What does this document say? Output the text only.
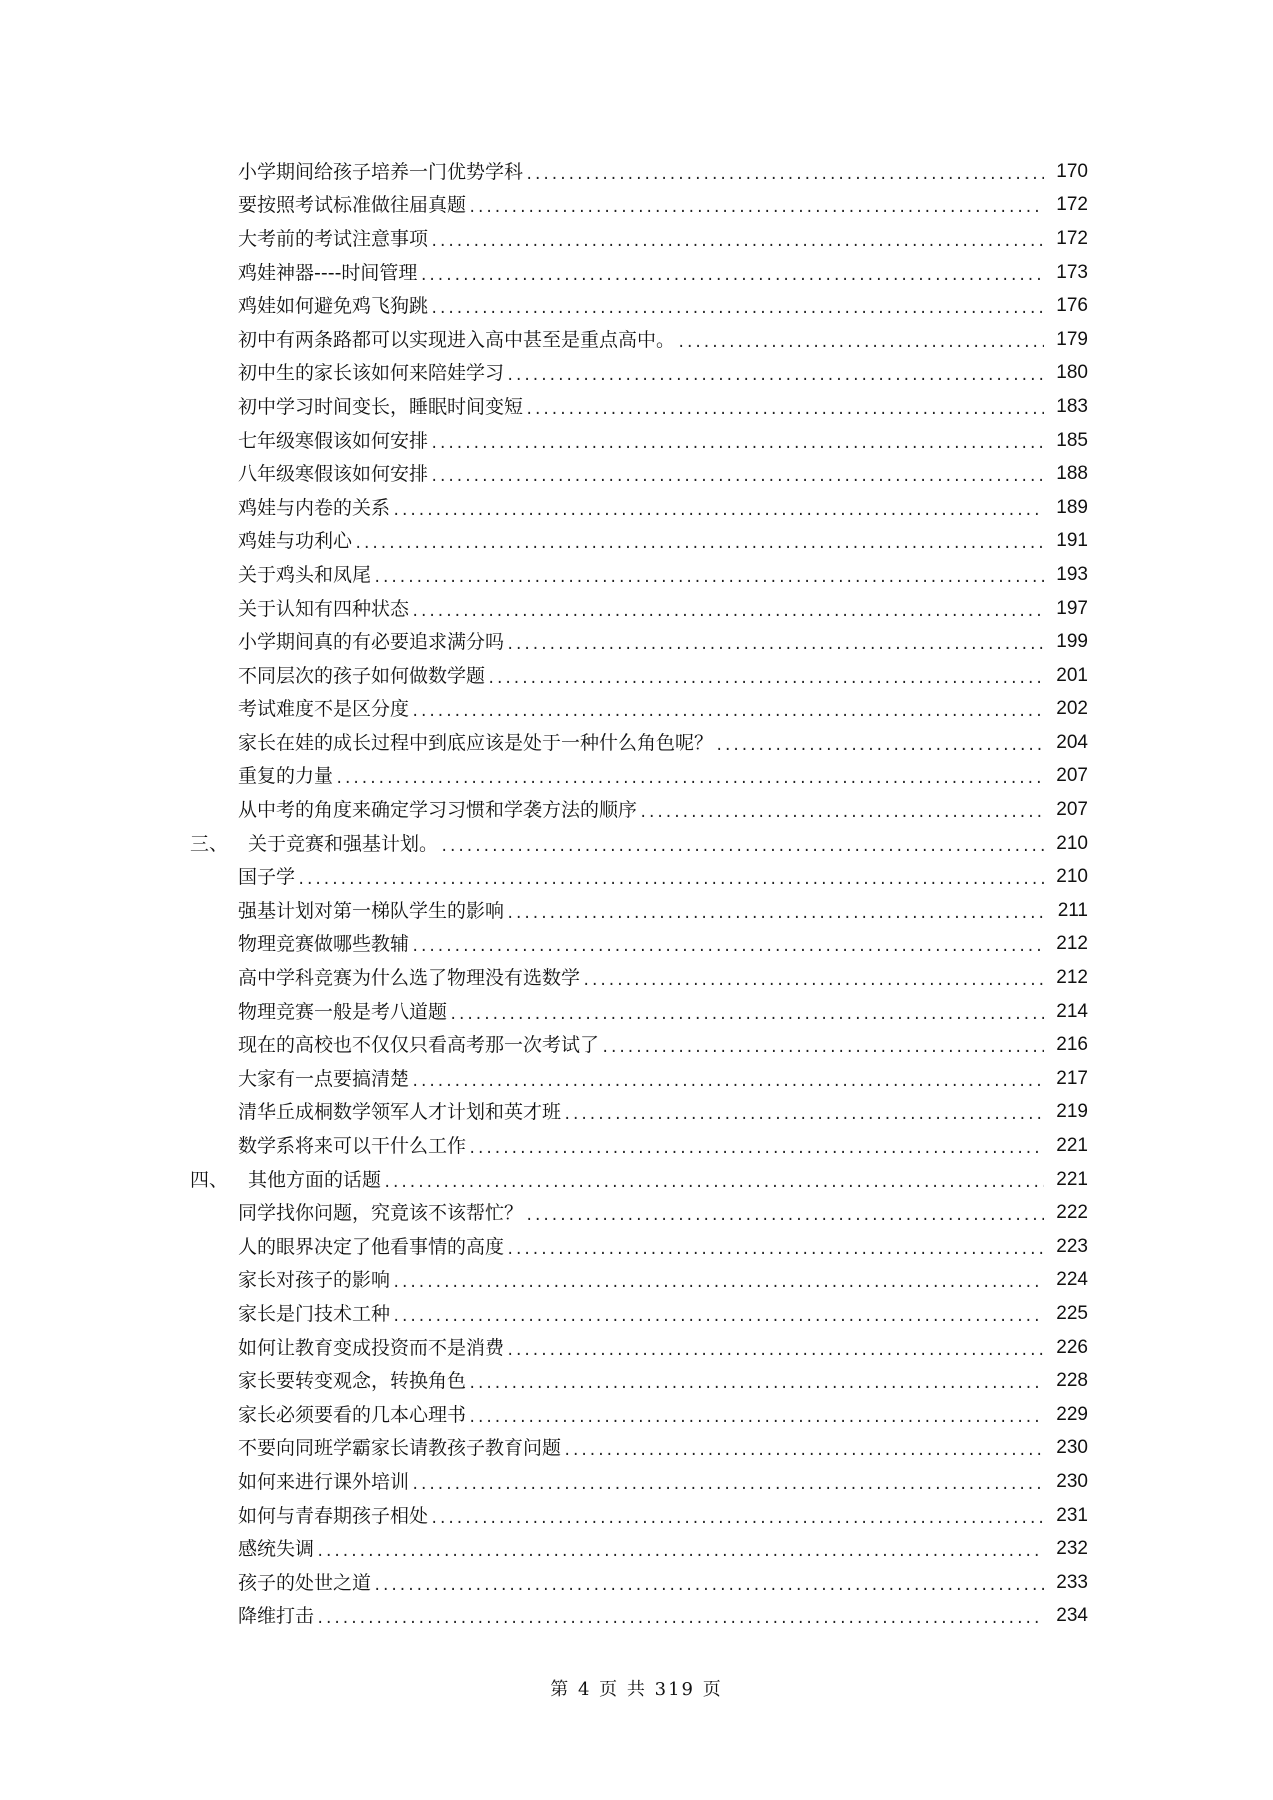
小学期间给孩子培养一门优势学科 .....	170
要按照考试标准做往届真题 .....	172
大考前的考试注意事项 .....	172
鸡娃神器----时间管理 .....	173
鸡娃如何避免鸡飞狗跳 .....	176
初中有两条路都可以实现进入高中甚至是重点高中。 .....	179
初中生的家长该如何来陪娃学习 .....	180
初中学习时间变长，睡眠时间变短 .....	183
七年级寒假该如何安排 .....	185
八年级寒假该如何安排 .....	188
鸡娃与内卷的关系 .....	189
鸡娃与功利心 .....	191
关于鸡头和凤尾 .....	193
关于认知有四种状态 .....	197
小学期间真的有必要追求满分吗 .....	199
不同层次的孩子如何做数学题 .....	201
考试难度不是区分度 .....	202
家长在娃的成长过程中到底应该是处于一种什么角色呢？ .....	204
重复的力量 .....	207
从中考的角度来确定学习习惯和学袭方法的顺序 .....	207
三、 关于竞赛和强基计划。 .....	210
国子学 .....	210
强基计划对第一梯队学生的影响 .....	211
物理竞赛做哪些教辅 .....	212
高中学科竞赛为什么选了物理没有选数学 .....	212
物理竞赛一般是考八道题 .....	214
现在的高校也不仅仅只看高考那一次考试了 .....	216
大家有一点要搞清楚 .....	217
清华丘成桐数学领军人才计划和英才班 .....	219
数学系将来可以干什么工作 .....	221
四、 其他方面的话题 .....	221
同学找你问题，究竟该不该帮忙？ .....	222
人的眼界决定了他看事情的高度 .....	223
家长对孩子的影响 .....	224
家长是门技术工种 .....	225
如何让教育变成投资而不是消费 .....	226
家长要转变观念，转换角色 .....	228
家长必须要看的几本心理书 .....	229
不要向同班学霸家长请教孩子教育问题 .....	230
如何来进行课外培训 .....	230
如何与青春期孩子相处 .....	231
感统失调 .....	232
孩子的处世之道 .....	233
降维打击 .....	234
第 4 页 共 319 页
